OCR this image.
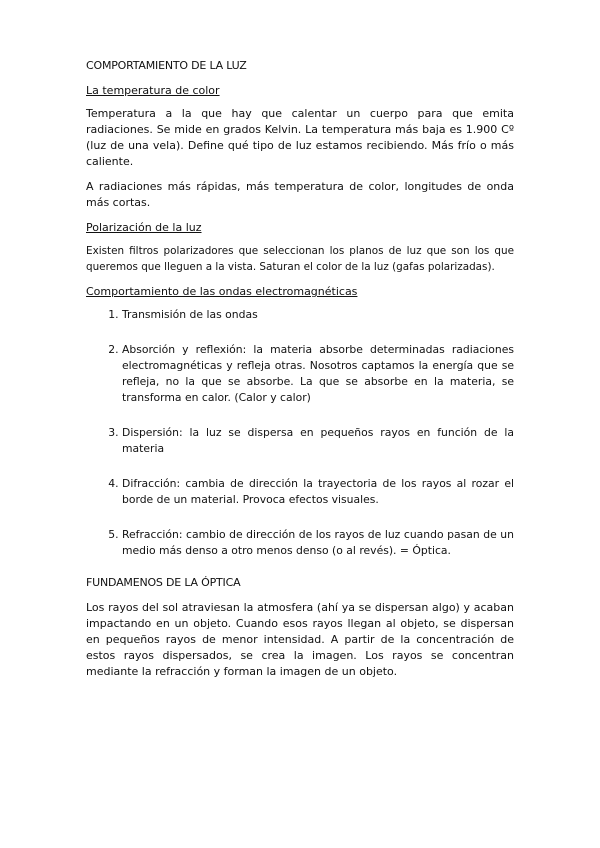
COMPORTAMIENTO DE LA LUZ
La temperatura de color

Temperatura a la que hay que calentar un cuerpo para que emita radiaciones. Se mide en grados Kelvin. La temperatura más baja es 1.900 Cº (luz de una vela). Define qué tipo de luz estamos recibiendo. Más frío o más caliente.

A radiaciones más rápidas, más temperatura de color, longitudes de onda más cortas.

Polarización de la luz

Existen filtros polarizadores que seleccionan los planos de luz que son los que queremos que lleguen a la vista. Saturan el color de la luz (gafas polarizadas).

Comportamiento de las ondas electromagnéticas
1. Transmisión de las ondas
2. Absorción y reflexión: la materia absorbe determinadas radiaciones electromagnéticas y refleja otras. Nosotros captamos la energía que se refleja, no la que se absorbe. La que se absorbe en la materia, se transforma en calor. (Calor y calor)
3. Dispersión: la luz se dispersa en pequeños rayos en función de la materia
4. Difracción: cambia de dirección la trayectoria de los rayos al rozar el borde de un material. Provoca efectos visuales.
5. Refracción: cambio de dirección de los rayos de luz cuando pasan de un medio más denso a otro menos denso (o al revés). = Óptica.
FUNDAMENOS DE LA ÓPTICA

Los rayos del sol atraviesan la atmosfera (ahí ya se dispersan algo) y acaban impactando en un objeto. Cuando esos rayos llegan al objeto, se dispersan en pequeños rayos de menor intensidad. A partir de la concentración de estos rayos dispersados, se crea la imagen. Los rayos se concentran mediante la refracción y forman la imagen de un objeto.
